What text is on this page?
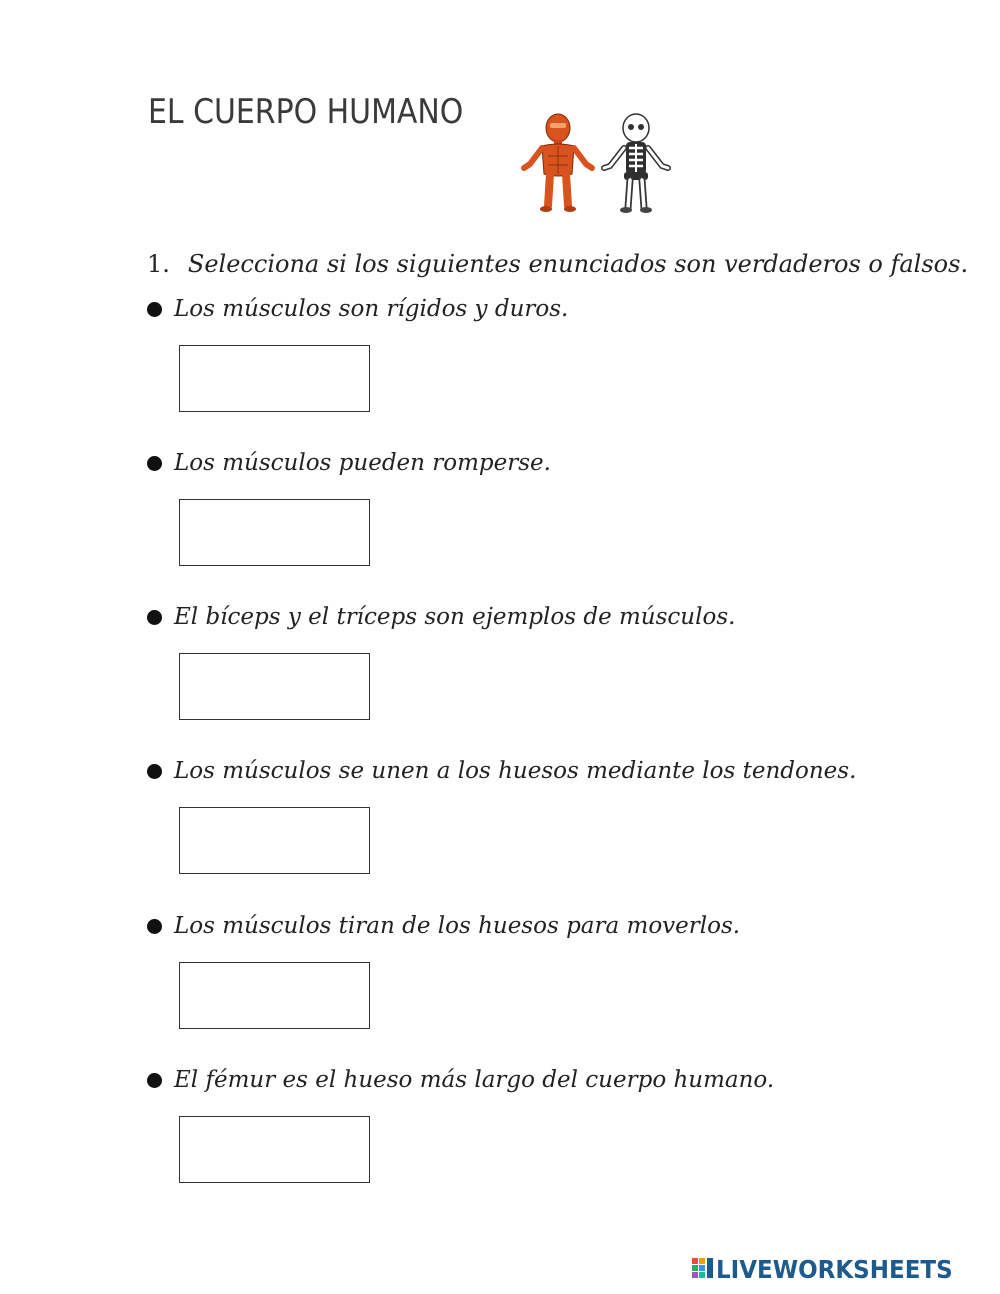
EL CUERPO HUMANO
1. Selecciona si los siguientes enunciados son verdaderos o falsos.
Los músculos son rígidos y duros.
Los músculos pueden romperse.
El bíceps y el tríceps son ejemplos de músculos.
Los músculos se unen a los huesos mediante los tendones.
Los músculos tiran de los huesos para moverlos.
El fémur es el hueso más largo del cuerpo humano.
LIVEWORKSHEETS
